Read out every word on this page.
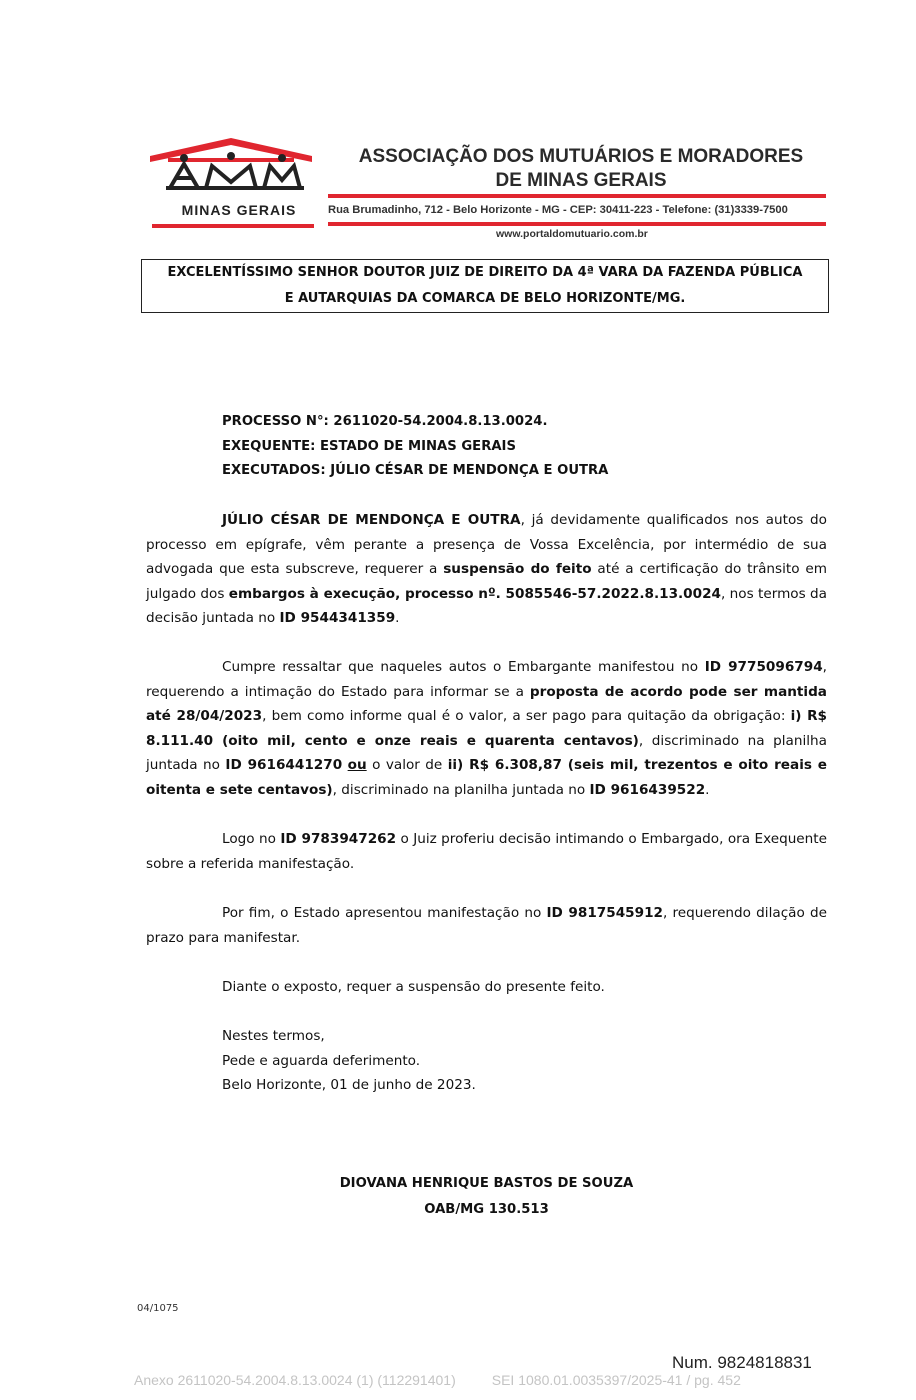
MINAS GERAIS
ASSOCIAÇÃO DOS MUTUÁRIOS E MORADORES
DE MINAS GERAIS
Rua Brumadinho, 712 - Belo Horizonte - MG - CEP: 30411-223 - Telefone: (31)3339-7500
www.portaldomutuario.com.br
EXCELENTÍSSIMO SENHOR DOUTOR JUIZ DE DIREITO DA 4ª VARA DA FAZENDA PÚBLICA
E AUTARQUIAS DA COMARCA DE BELO HORIZONTE/MG.
PROCESSO N°: 2611020-54.2004.8.13.0024.
EXEQUENTE: ESTADO DE MINAS GERAIS
EXECUTADOS: JÚLIO CÉSAR DE MENDONÇA E OUTRA
JÚLIO CÉSAR DE MENDONÇA E OUTRA, já devidamente qualificados nos autos do processo em epígrafe, vêm perante a presença de Vossa Excelência, por intermédio de sua advogada que esta subscreve, requerer a suspensão do feito até a certificação do trânsito em julgado dos embargos à execução, processo nº. 5085546-57.2022.8.13.0024, nos termos da decisão juntada no ID 9544341359.
Cumpre ressaltar que naqueles autos o Embargante manifestou no ID 9775096794, requerendo a intimação do Estado para informar se a proposta de acordo pode ser mantida até 28/04/2023, bem como informe qual é o valor, a ser pago para quitação da obrigação: i) R$ 8.111.40 (oito mil, cento e onze reais e quarenta centavos), discriminado na planilha juntada no ID 9616441270 ou o valor de ii) R$ 6.308,87 (seis mil, trezentos e oito reais e oitenta e sete centavos), discriminado na planilha juntada no ID 9616439522.
Logo no ID 9783947262 o Juiz proferiu decisão intimando o Embargado, ora Exequente sobre a referida manifestação.
Por fim, o Estado apresentou manifestação no ID 9817545912, requerendo dilação de prazo para manifestar.
Diante o exposto, requer a suspensão do presente feito.
Nestes termos,
Pede e aguarda deferimento.
Belo Horizonte, 01 de junho de 2023.
DIOVANA HENRIQUE BASTOS DE SOUZA
OAB/MG 130.513
04/1075
Num. 9824818831
Anexo 2611020-54.2004.8.13.0024 (1) (112291401)	SEI 1080.01.0035397/2025-41 / pg. 452
